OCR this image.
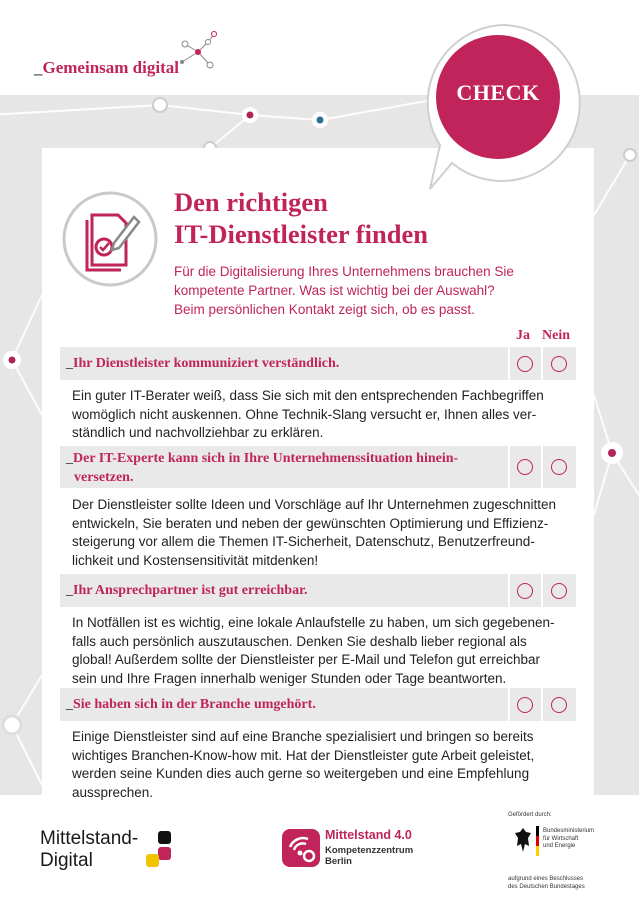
_Gemeinsam digital
CHECK
Den richtigen
IT-Dienstleister finden

Für die Digitalisierung Ihres Unternehmens brauchen Sie
kompetente Partner. Was ist wichtig bei der Auswahl?
Beim persönlichen Kontakt zeigt sich, ob es passt.

Ja Nein
_Ihr Dienstleister kommuniziert verständlich.

Ein guter IT-Berater weiß, dass Sie sich mit den entsprechenden Fachbegriffen
womöglich nicht auskennen. Ohne Technik-Slang versucht er, Ihnen alles ver-
ständlich und nachvollziehbar zu erklären.

_Der IT-Experte kann sich in Ihre Unternehmenssituation hinein-
versetzen.

Der Dienstleister sollte Ideen und Vorschläge auf Ihr Unternehmen zugeschnitten
entwickeln, Sie beraten und neben der gewünschten Optimierung und Effizienz-
steigerung vor allem die Themen IT-Sicherheit, Datenschutz, Benutzerfreund-
lichkeit und Kostensensitivität mitdenken!

_Ihr Ansprechpartner ist gut erreichbar.

In Notfällen ist es wichtig, eine lokale Anlaufstelle zu haben, um sich gegebenen-
falls auch persönlich auszutauschen. Denken Sie deshalb lieber regional als
global! Außerdem sollte der Dienstleister per E-Mail und Telefon gut erreichbar
sein und Ihre Fragen innerhalb weniger Stunden oder Tage beantworten.

_Sie haben sich in der Branche umgehört.

Einige Dienstleister sind auf eine Branche spezialisiert und bringen so bereits
wichtiges Branchen-Know-how mit. Hat der Dienstleister gute Arbeit geleistet,
werden seine Kunden dies auch gerne so weitergeben und eine Empfehlung
aussprechen.

Mittelstand-
Digital
Mittelstand 4.0
Kompetenzzentrum
Berlin
Gefördert durch:
Bundesministerium
für Wirtschaft
und Energie
aufgrund eines Beschlusses
des Deutschen Bundestages
